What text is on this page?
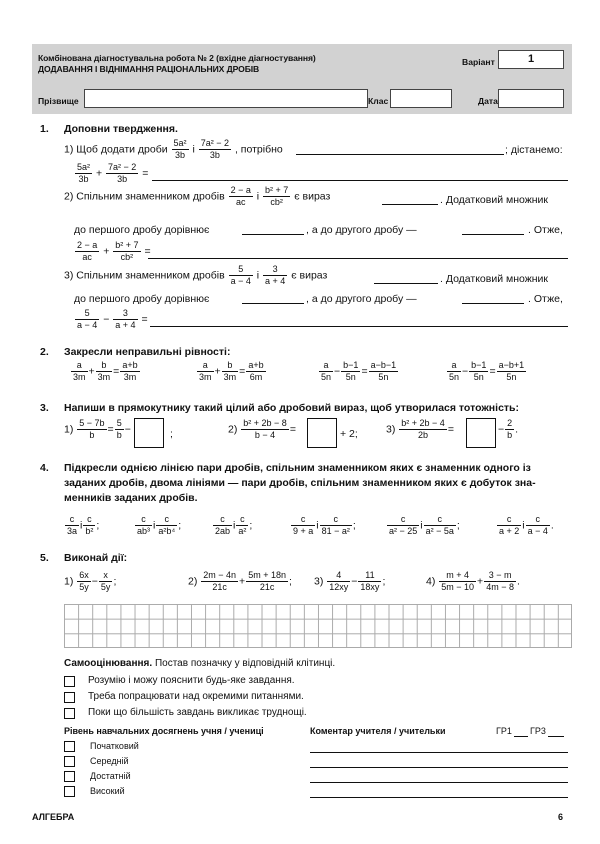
Комбінована діагностувальна робота № 2 (вхідне діагностування)
ДОДАВАННЯ І ВІДНІМАННЯ РАЦІОНАЛЬНИХ ДРОБІВ
Варіант	1
Прізвище	Клас	Дата
1. Доповни твердження.
1) Щоб додати дроби $\frac{\text{5a²}}{3b}$ і $\frac{\text{7a² − 2}}{3b}$ , потрібно	; дістанемо:
$\frac{\text{5a²}}{3b} + \frac{\text{7a² − 2}}{3b}$ =
2) Спільним знаменником дробів $\frac{2 - a}{ac}$ і $\frac{\text{b² + 7}}{\text{cb²}}$ є вираз	. Додатковий множник
до першого дробу дорівнює	, а до другого дробу —	. Отже,
$\frac{2 - a}{ac} + \frac{\text{b² + 7}}{\text{cb²}}$ =
3) Спільним знаменником дробів $\frac{5}{a - 4}$ і $\frac{3}{a + 4}$ є вираз	. Додатковий множник
до першого дробу дорівнює	, а до другого дробу —	. Отже,
$\frac{5}{a - 4} - \frac{3}{a + 4}$ =
2. Закресли неправильні рівності:
$\frac{a}{3m} + \frac{b}{3m} = \frac{a+b}{3m}$	$\frac{a}{3m} + \frac{b}{3m} = \frac{a+b}{6m}$	$\frac{a}{5n} - \frac{b-1}{5n} = \frac{a-b-1}{5n}$	$\frac{a}{5n} - \frac{b-1}{5n} = \frac{a-b+1}{5n}$
3. Напиши в прямокутнику такий цілий або дробовий вираз, щоб утворилася тотожність:
$1) \frac{5 - 7b}{b} = \frac{5}{b}$ −	;	$2) \frac{\text{b² + 2b − 8}}{b - 4}$ =	+ 2;	$3) \frac{\text{b² + 2b − 4}}{2b}$ =	− $\frac{2}{b}$ .
4. Підкресли однією лінією пари дробів, спільним знаменником яких є знаменник одного із
заданих дробів, двома лініями — пари дробів, спільним знаменником яких є добуток зна-
менників заданих дробів.
$\frac{c}{3a}$ і $\frac{c}{\text{b²}}$ ;	$\frac{c}{\text{ab³}}$ і $\frac{c}{\text{a²b⁴}}$ ;	$\frac{c}{2ab}$ і $\frac{c}{\text{a²}}$ ;	$\frac{c}{9 + a}$ і $\frac{c}{\text{81 − a²}}$ ;	$\frac{c}{\text{a² − 25}}$ і $\frac{c}{\text{a² − 5a}}$ ;	$\frac{c}{a + 2}$ і $\frac{c}{a - 4}$ .
5. Виконай дії:
$1) \frac{6x}{5y} - \frac{x}{5y}$ ;	$2) \frac{2m - 4n}{21c} + \frac{5m + 18n}{21c}$ ; $3) \frac{4}{12xy} - \frac{11}{18xy}$ ;	$4) \frac{m + 4}{5m - 10} + \frac{3 - m}{4m - 8}$ .
Самооцінювання. Постав позначку у відповідній клітинці.
Розумію і можу пояснити будь-яке завдання.
Треба попрацювати над окремими питаннями.
Поки що більшість завдань викликає труднощі.
Рівень навчальних досягнень учня / учениці
Початковий
Середній
Достатній
Високий
Коментар учителя / учительки	ГР1 ГР3
АЛГЕБРА	6
